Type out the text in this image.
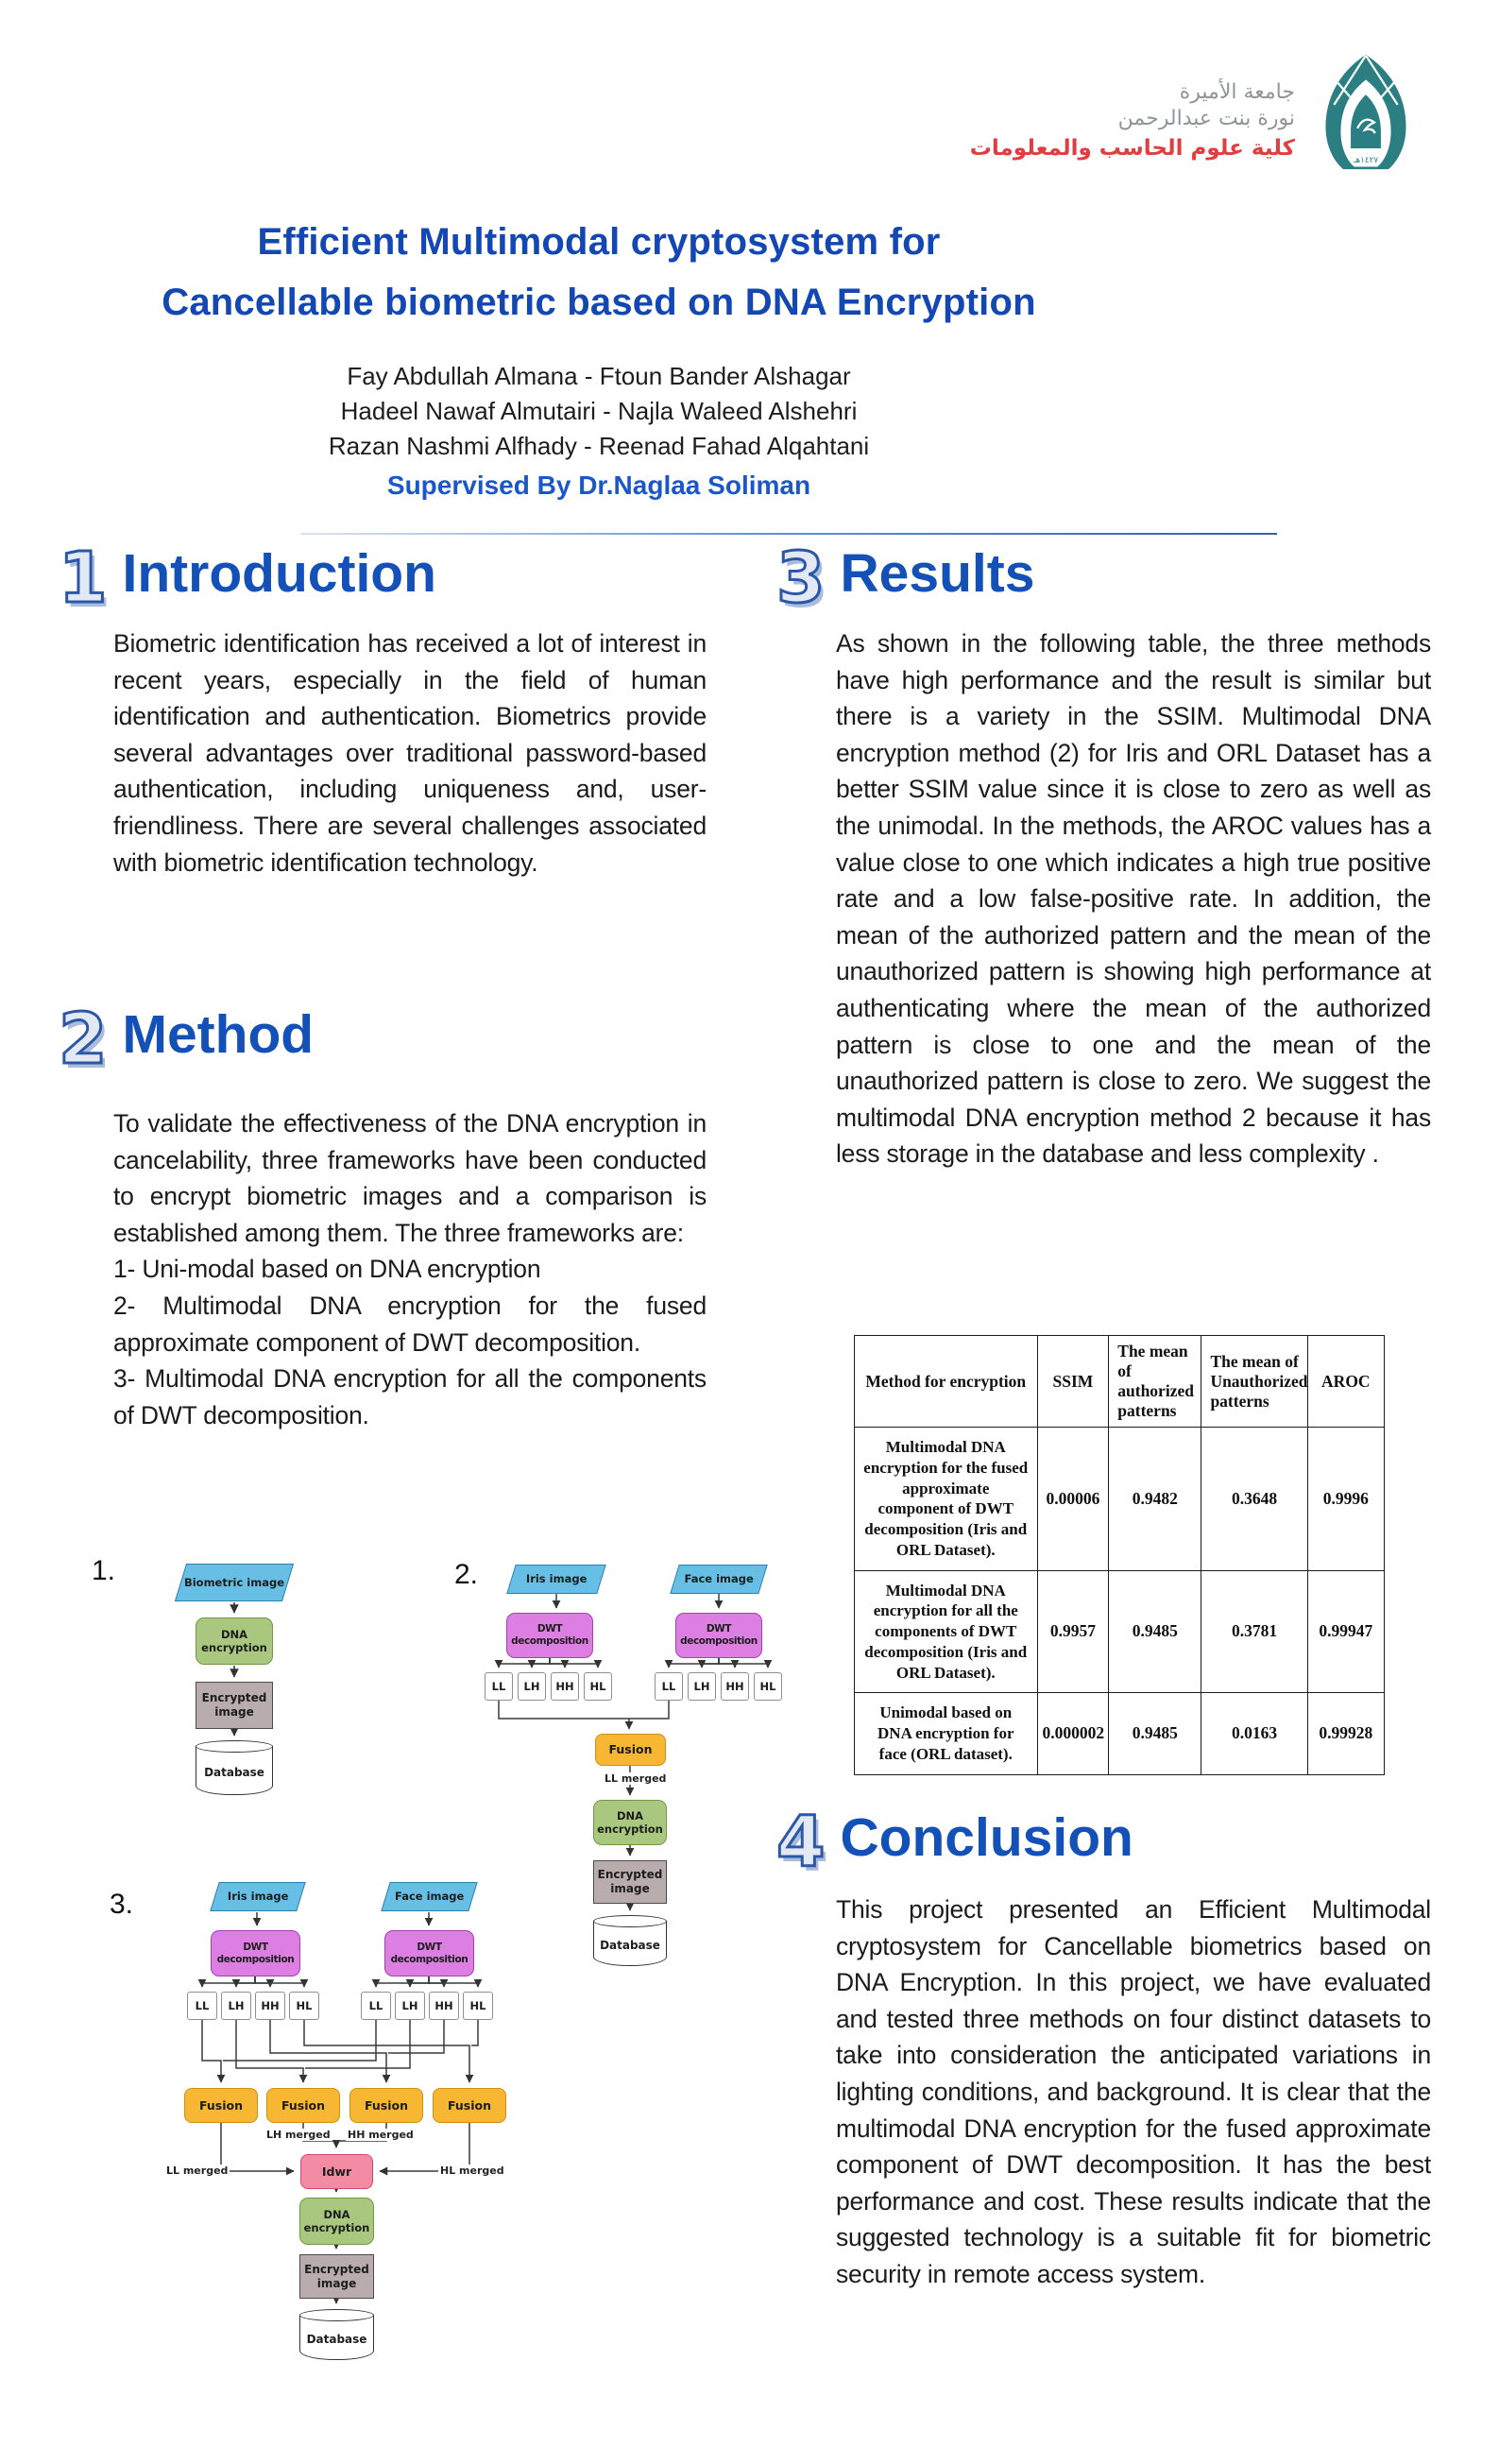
جامعة الأميرة
نورة بنت عبدالرحمن
كلية علوم الحاسب والمعلومات
١٤٢٧هـ
Efficient Multimodal cryptosystem for
Cancellable biometric based on DNA Encryption
Fay Abdullah Almana - Ftoun Bander Alshagar
Hadeel Nawaf Almutairi - Najla Waleed Alshehri
Razan Nashmi Alfhady - Reenad Fahad Alqahtani
Supervised By Dr.Naglaa Soliman
1 Introduction	3 Results
2 Method
4 Conclusion

Biometric identification has received a lot of interest in recent years, especially in the field of human identification and authentication. Biometrics provide several advantages over traditional password-based authentication, including uniqueness and, user-friendliness. There are several challenges associated with biometric identification technology.

To validate the effectiveness of the DNA encryption in cancelability, three frameworks have been conducted to encrypt biometric images and a comparison is established among them. The three frameworks are:

1- Uni-modal based on DNA encryption

2- Multimodal DNA encryption for the fused approximate component of DWT decomposition.

3- Multimodal DNA encryption for all the components of DWT decomposition.

As shown in the following table, the three methods have high performance and the result is similar but there is a variety in the SSIM. Multimodal DNA encryption method (2) for Iris and ORL Dataset has a better SSIM value since it is close to zero as well as the unimodal. In the methods, the AROC values has a value close to one which indicates a high true positive rate and a low false-positive rate. In addition, the mean of the authorized pattern and the mean of the unauthorized pattern is showing high performance at authenticating where the mean of the authorized pattern is close to one and the mean of the unauthorized pattern is close to zero. We suggest the multimodal DNA encryption method 2 because it has less storage in the database and less complexity .

This project presented an Efficient Multimodal cryptosystem for Cancellable biometrics based on DNA Encryption. In this project, we have evaluated and tested three methods on four distinct datasets to take into consideration the anticipated variations in lighting conditions, and background. It is clear that the multimodal DNA encryption for the fused approximate component of DWT decomposition. It has the best performance and cost. These results indicate that the suggested technology is a suitable fit for biometric security in remote access system.

Method for encryption	SSIM	The mean of authorized patterns	The mean of Unauthorized patterns	AROC
Multimodal DNA encryption for the fused approximate component of DWT decomposition (Iris and ORL Dataset).	0.00006	0.9482	0.3648	0.9996
Multimodal DNA encryption for all the components of DWT decomposition (Iris and ORL Dataset).	0.9957	0.9485	0.3781	0.99947
Unimodal based on DNA encryption for face (ORL dataset).	0.000002	0.9485	0.0163	0.99928
1.	Biometric image
DNA encryption
Encrypted image
Database
2.	Iris image	Face image
DWT decomposition
DWT decomposition
LL LH HH HL	LL LH HH HL
Fusion
LL merged
DNA encryption
Encrypted image
Database
3.	Iris image	Face image
DWT decomposition
DWT decomposition
LL LH HH HL	LL LH HH HL
Fusion	Fusion	Fusion	Fusion
LH merged HH merged
LL merged	HL merged
Idwr
DNA encryption
Encrypted image
Database
